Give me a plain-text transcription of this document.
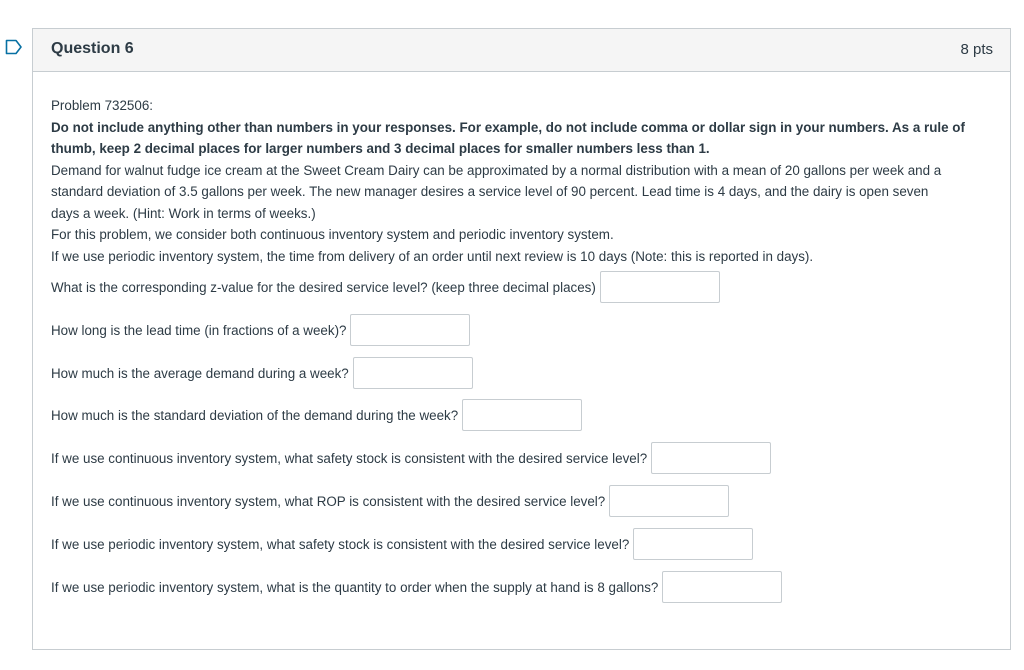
Question 6	8 pts
Problem 732506:
Do not include anything other than numbers in your responses. For example, do not include comma or dollar sign in your numbers. As a rule of
thumb, keep 2 decimal places for larger numbers and 3 decimal places for smaller numbers less than 1.
Demand for walnut fudge ice cream at the Sweet Cream Dairy can be approximated by a normal distribution with a mean of 20 gallons per week and a
standard deviation of 3.5 gallons per week. The new manager desires a service level of 90 percent. Lead time is 4 days, and the dairy is open seven
days a week. (Hint: Work in terms of weeks.)
For this problem, we consider both continuous inventory system and periodic inventory system.
If we use periodic inventory system, the time from delivery of an order until next review is 10 days (Note: this is reported in days).
What is the corresponding z-value for the desired service level? (keep three decimal places)
How long is the lead time (in fractions of a week)?
How much is the average demand during a week?
How much is the standard deviation of the demand during the week?
If we use continuous inventory system, what safety stock is consistent with the desired service level?
If we use continuous inventory system, what ROP is consistent with the desired service level?
If we use periodic inventory system, what safety stock is consistent with the desired service level?
If we use periodic inventory system, what is the quantity to order when the supply at hand is 8 gallons?
